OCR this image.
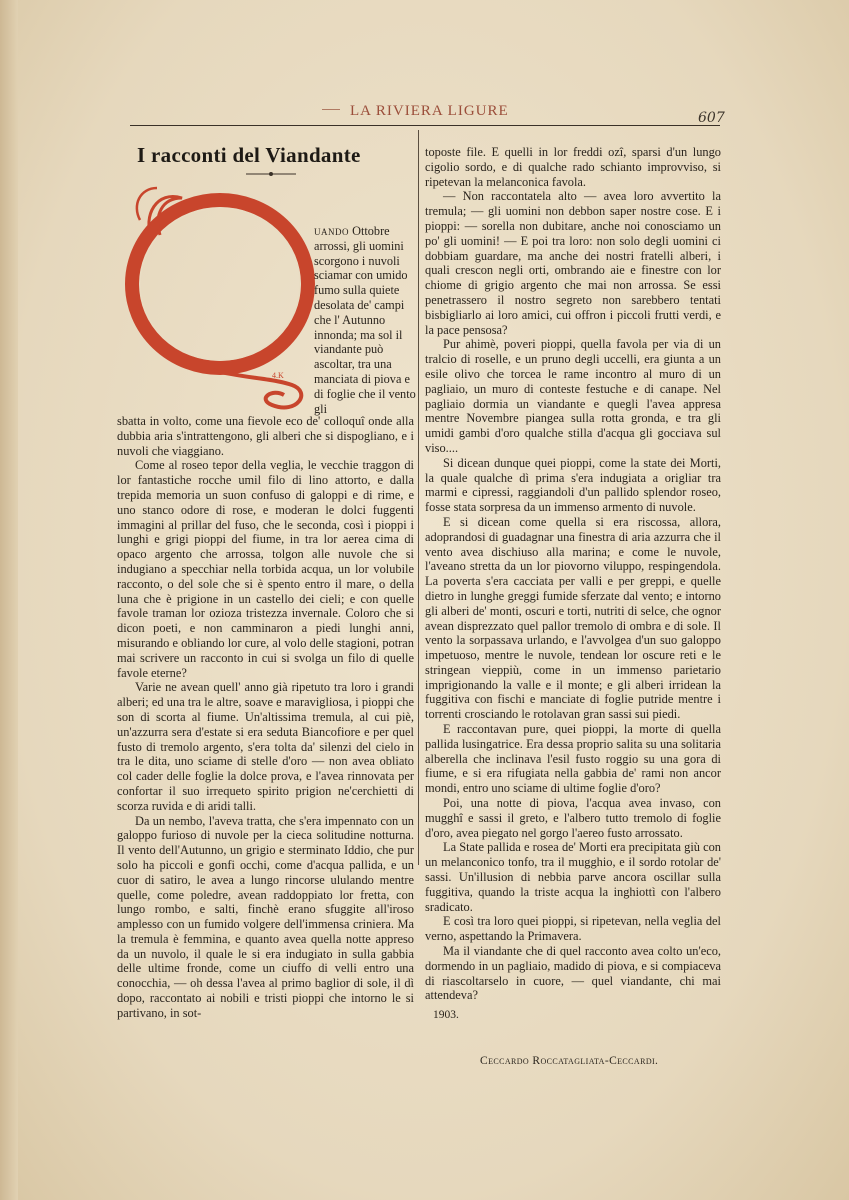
LA RIVIERA LIGURE	607
I racconti del Viandante
4.K
uando Ottobre arrossi, gli uomini scorgono i nuvoli sciamar con umido fumo sulla quiete desolata de' campi che l' Autunno innonda; ma sol il viandante può ascoltar, tra una manciata di piova e di foglie che il vento gli

sbatta in volto, come una fievole eco de' colloquî onde alla dubbia aria s'intrattengono, gli alberi che si dispogliano, e i nuvoli che viaggiano.

Come al roseo tepor della veglia, le vecchie traggon di lor fantastiche rocche umil filo di lino attorto, e dalla trepida memoria un suon confuso di galoppi e di rime, e uno stanco odore di rose, e moderan le dolci fuggenti immagini al prillar del fuso, che le seconda, così i pioppi i lunghi e grigi pioppi del fiume, in tra lor aerea cima di opaco argento che arrossa, tolgon alle nuvole che si indugiano a specchiar nella torbida acqua, un lor volubile racconto, o del sole che si è spento entro il mare, o della luna che è prigione in un castello dei cieli; e con quelle favole traman lor ozioza tristezza invernale. Coloro che si dicon poeti, e non camminaron a piedi lunghi anni, misurando e obliando lor cure, al volo delle stagioni, potran mai scrivere un racconto in cui si svolga un filo di quelle favole eterne?

Varie ne avean quell' anno già ripetuto tra loro i grandi alberi; ed una tra le altre, soave e maravigliosa, i pioppi che son di scorta al fiume. Un'altissima tremula, al cui piè, un'azzurra sera d'estate si era seduta Biancofiore e per quel fusto di tremolo argento, s'era tolta da' silenzi del cielo in tra le dita, uno sciame di stelle d'oro — non avea obliato col cader delle foglie la dolce prova, e l'avea rinnovata per confortar il suo irrequeto spirito prigion ne'cerchietti di scorza ruvida e di aridi talli.

Da un nembo, l'aveva tratta, che s'era impennato con un galoppo furioso di nuvole per la cieca solitudine notturna. Il vento dell'Autunno, un grigio e sterminato Iddio, che pur solo ha piccoli e gonfi occhi, come d'acqua pallida, e un cuor di satiro, le avea a lungo rincorse ululando mentre quelle, come poledre, avean raddoppiato lor fretta, con lungo rombo, e salti, finchè erano sfuggite all'iroso amplesso con un fumido volgere dell'immensa criniera. Ma la tremula è femmina, e quanto avea quella notte appreso da un nuvolo, il quale le si era indugiato in sulla gabbia delle ultime fronde, come un ciuffo di velli entro una conocchia, — oh dessa l'avea al primo baglior di sole, il dì dopo, raccontato ai nobili e tristi pioppi che intorno le si partivano, in sot-

toposte file. E quelli in lor freddi ozî, sparsi d'un lungo cigolio sordo, e di qualche rado schianto improvviso, si ripetevan la melanconica favola.

— Non raccontatela alto — avea loro avvertito la tremula; — gli uomini non debbon saper nostre cose. E i pioppi: — sorella non dubitare, anche noi conosciamo un po' gli uomini! — E poi tra loro: non solo degli uomini ci dobbiam guardare, ma anche dei nostri fratelli alberi, i quali crescon negli orti, ombrando aie e finestre con lor chiome di grigio argento che mai non arrossa. Se essi penetrassero il nostro segreto non sarebbero tentati bisbigliarlo ai loro amici, cui offron i piccoli frutti verdi, e la pace pensosa?

Pur ahimè, poveri pioppi, quella favola per via di un tralcio di roselle, e un pruno degli uccelli, era giunta a un esile olivo che torcea le rame incontro al muro di un pagliaio, un muro di conteste festuche e di canape. Nel pagliaio dormia un viandante e quegli l'avea appresa mentre Novembre piangea sulla rotta gronda, e tra gli umidi gambi d'oro qualche stilla d'acqua gli gocciava sul viso....

Si dicean dunque quei pioppi, come la state dei Morti, la quale qualche dì prima s'era indugiata a origliar tra marmi e cipressi, raggiandoli d'un pallido splendor roseo, fosse stata sorpresa da un immenso armento di nuvole.

E si dicean come quella si era riscossa, allora, adoprandosi di guadagnar una finestra di aria azzurra che il vento avea dischiuso alla marina; e come le nuvole, l'aveano stretta da un lor piovorno viluppo, respingendola. La poverta s'era cacciata per valli e per greppi, e quelle dietro in lunghe greggi fumide sferzate dal vento; e intorno gli alberi de' monti, oscuri e torti, nutriti di selce, che ognor avean disprezzato quel pallor tremolo di ombra e di sole. Il vento la sorpassava urlando, e l'avvolgea d'un suo galoppo impetuoso, mentre le nuvole, tendean lor oscure reti e le stringean vieppiù, come in un immenso parietario imprigionando la valle e il monte; e gli alberi irridean la fuggitiva con fischi e manciate di foglie putride mentre i torrenti crosciando le rotolavan gran sassi sui piedi.

E raccontavan pure, quei pioppi, la morte di quella pallida lusingatrice. Era dessa proprio salita su una solitaria alberella che inclinava l'esil fusto roggio su una gora di fiume, e si era rifugiata nella gabbia de' rami non ancor mondi, entro uno sciame di ultime foglie d'oro?

Poi, una notte di piova, l'acqua avea invaso, con mugghî e sassi il greto, e l'albero tutto tremolo di foglie d'oro, avea piegato nel gorgo l'aereo fusto arrossato.

La State pallida e rosea de' Morti era precipitata giù con un melanconico tonfo, tra il mugghio, e il sordo rotolar de' sassi. Un'illusion di nebbia parve ancora oscillar sulla fuggitiva, quando la triste acqua la inghiottì con l'albero sradicato.

E così tra loro quei pioppi, si ripetevan, nella veglia del verno, aspettando la Primavera.

Ma il viandante che di quel racconto avea colto un'eco, dormendo in un pagliaio, madido di piova, e si compiaceva di riascoltarselo in cuore, — quel viandante, chi mai attendeva?

1903.
Ceccardo Roccatagliata-Ceccardi.
